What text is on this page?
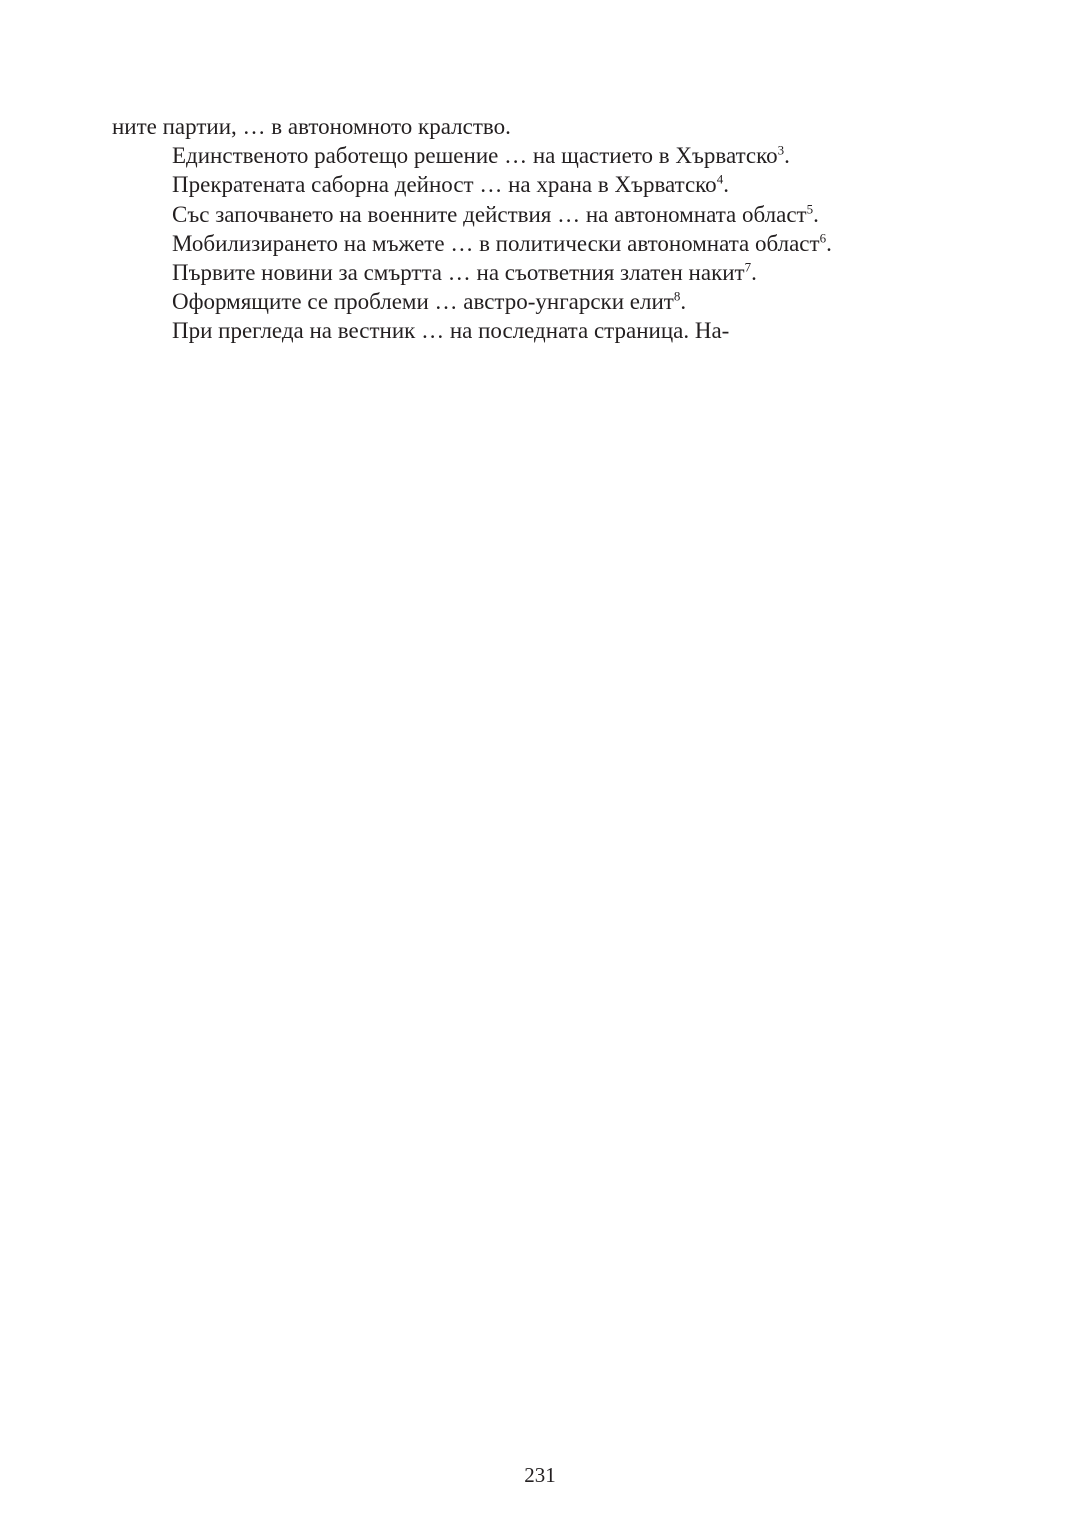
ните партии, … в автономното кралство.

Единственото работещо решение … на щастието в Хърватско$^3$.

Прекратената саборна дейност … на храна в Хърватско$^4$.

Със започването на военните действия … на автономната област$^5$.

Мобилизирането на мъжете … в политически автономната област$^6$.

Първите новини за смъртта … на съответния златен накит$^7$.

Оформящите се проблеми … австро-унгарски елит$^8$.

При прегледа на вестник … на последната страница. На-

231
